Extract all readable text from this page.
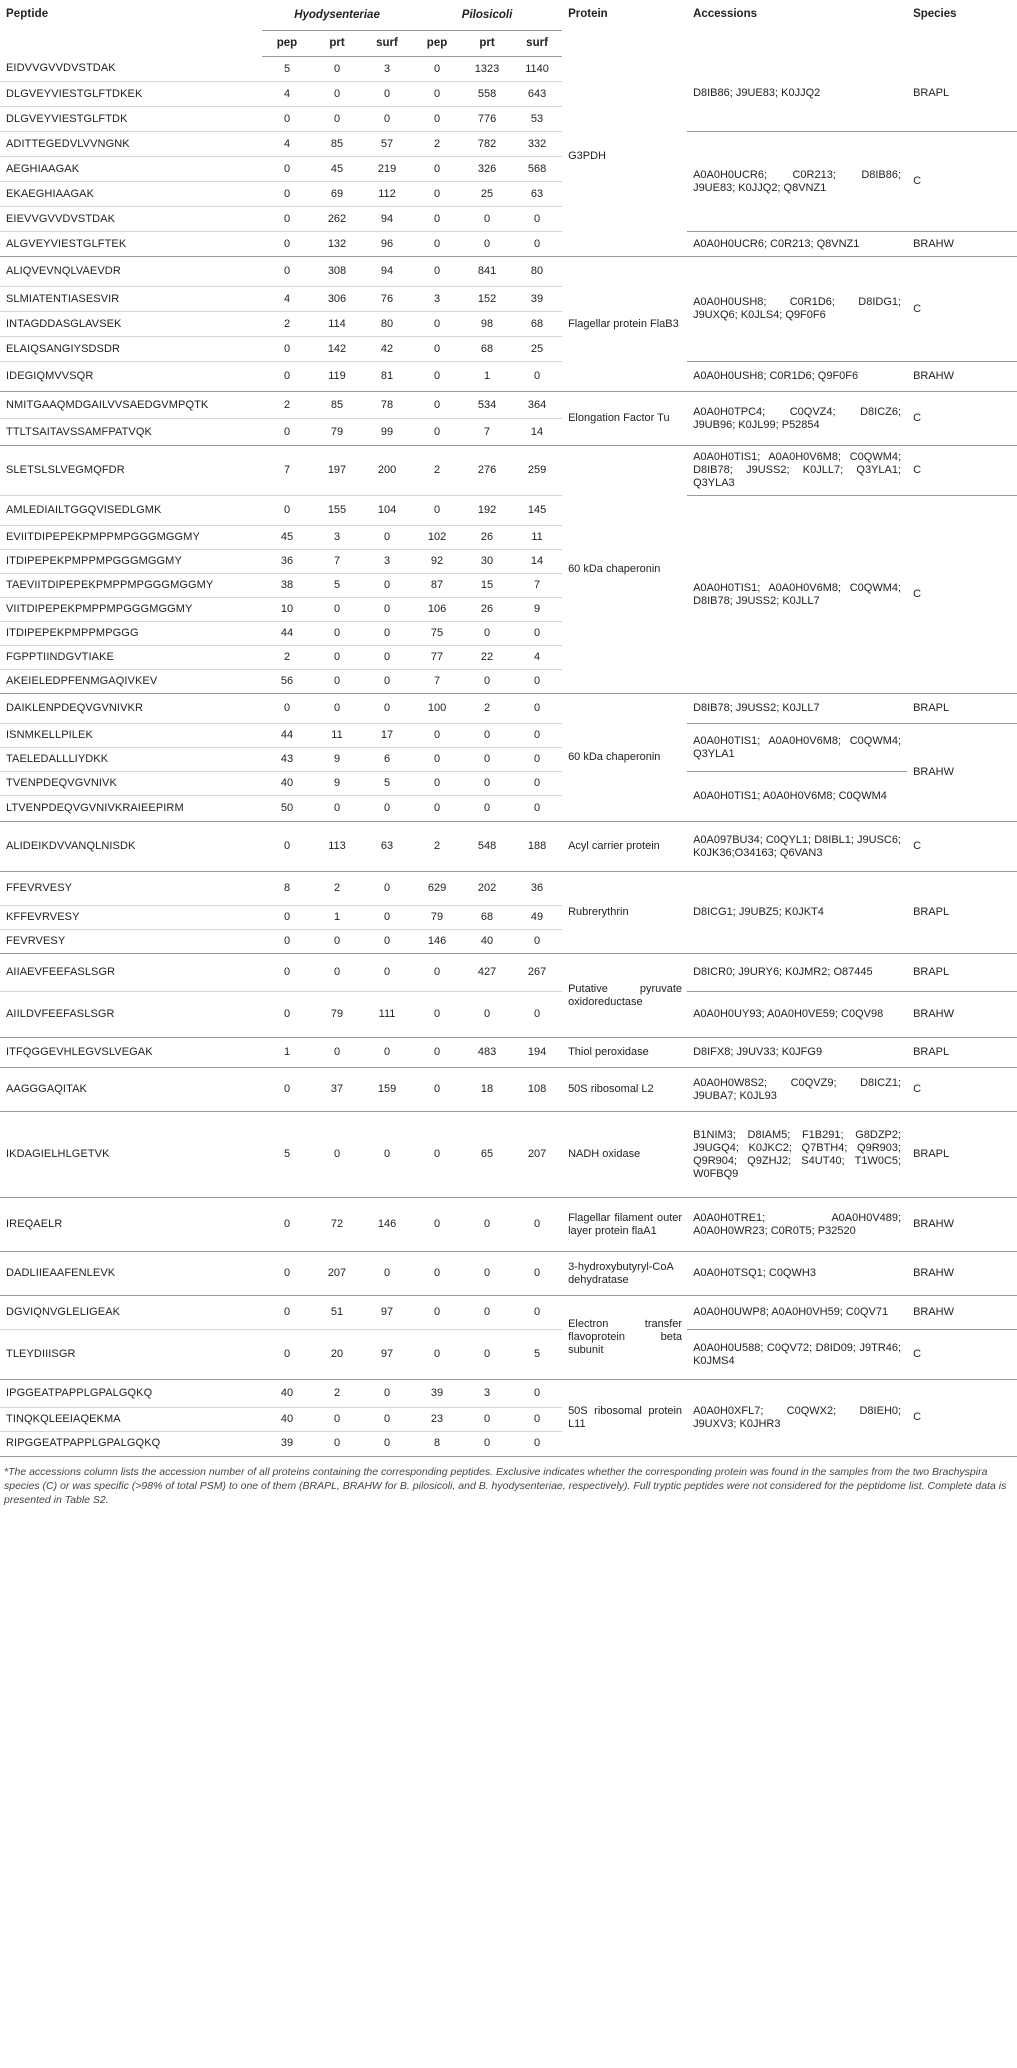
Peptide	Hyodysenteriae			Pilosicoli			Protein	Accessions	Species
	pep	prt	surf	pep	prt	surf			
EIDVVGVVDVSTDAK	5	0	3	0	1323	1140	G3PDH	D8IB86; J9UE83; K0JJQ2	BRAPL
DLGVEYVIESTGLFTDKEK	4	0	0	0	558	643			
DLGVEYVIESTGLFTDK	0	0	0	0	776	53			
ADITTEGEDVLVVNGNK	4	85	57	2	782	332		A0A0H0UCR6; C0R213; D8IB86; J9UE83; K0JJQ2; Q8VNZ1	C
AEGHIAAGAK	0	45	219	0	326	568			
EKAEGHIAAGAK	0	69	112	0	25	63			
EIEVVGVVDVSTDAK	0	262	94	0	0	0			
ALGVEYVIESTGLFTEK	0	132	96	0	0	0		A0A0H0UCR6; C0R213; Q8VNZ1	BRAHW
ALIQVEVNQLVAEVDR	0	308	94	0	841	80	Flagellar protein FlaB3	A0A0H0USH8; C0R1D6; D8IDG1; J9UXQ6; K0JLS4; Q9F0F6	C
SLMIATENTIASESVIR	4	306	76	3	152	39			
INTAGDDASGLAVSEK	2	114	80	0	98	68			
ELAIQSANGIYSDSDR	0	142	42	0	68	25			
IDEGIQMVVSQR	0	119	81	0	1	0		A0A0H0USH8; C0R1D6; Q9F0F6	BRAHW
NMITGAAQMDGAILVVSAEDGVMPQTK	2	85	78	0	534	364	Elongation Factor Tu	A0A0H0TPC4; C0QVZ4; D8ICZ6; J9UB96; K0JL99; P52854	C
TTLTSAITAVSSAMFPATVQK	0	79	99	0	7	14			
SLETSLSLVEGMQFDR	7	197	200	2	276	259	60 kDa chaperonin	A0A0H0TIS1; A0A0H0V6M8; C0QWM4; D8IB78; J9USS2; K0JLL7; Q3YLA1; Q3YLA3	C
AMLEDIAILTGGQVISEDLGMK	0	155	104	0	192	145		A0A0H0TIS1; A0A0H0V6M8; C0QWM4; D8IB78; J9USS2; K0JLL7	C
EVIITDIPEPEKPMPPMPGGGMGGMY	45	3	0	102	26	11			
ITDIPEPEKPMPPMPGGGMGGMY	36	7	3	92	30	14			
TAEVIITDIPEPEKPMPPMPGGGMGGMY	38	5	0	87	15	7			
VIITDIPEPEKPMPPMPGGGMGGMY	10	0	0	106	26	9			
ITDIPEPEKPMPPMPGGG	44	0	0	75	0	0			
FGPPTIINDGVTIAKE	2	0	0	77	22	4			
AKEIELEDPFENMGAQIVKEV	56	0	0	7	0	0			
DAIKLENPDEQVGVNIVKR	0	0	0	100	2	0	60 kDa chaperonin	D8IB78; J9USS2; K0JLL7	BRAPL
ISNMKELLPILEK	44	11	17	0	0	0		A0A0H0TIS1; A0A0H0V6M8; C0QWM4; Q3YLA1	BRAHW
TAELEDALLLIYDKK	43	9	6	0	0	0			
TVENPDEQVGVNIVK	40	9	5	0	0	0		A0A0H0TIS1; A0A0H0V6M8; C0QWM4	
LTVENPDEQVGVNIVKRAIEEPIRM	50	0	0	0	0	0			
ALIDEIKDVVANQLNISDK	0	113	63	2	548	188	Acyl carrier protein	A0A097BU34; C0QYL1; D8IBL1; J9USC6; K0JK36;O34163; Q6VAN3	C
FFEVRVESY	8	2	0	629	202	36	Rubrerythrin	D8ICG1; J9UBZ5; K0JKT4	BRAPL
KFFEVRVESY	0	1	0	79	68	49			
FEVRVESY	0	0	0	146	40	0			
AIIAEVFEEFASLSGR	0	0	0	0	427	267	Putative pyruvate oxidoreductase	D8ICR0; J9URY6; K0JMR2; O87445	BRAPL
AIILDVFEEFASLSGR	0	79	111	0	0	0		A0A0H0UY93; A0A0H0VE59; C0QV98	BRAHW
ITFQGGEVHLEGVSLVEGAK	1	0	0	0	483	194	Thiol peroxidase	D8IFX8; J9UV33; K0JFG9	BRAPL
AAGGGAQITAK	0	37	159	0	18	108	50S ribosomal L2	A0A0H0W8S2; C0QVZ9; D8ICZ1; J9UBA7; K0JL93	C
IKDAGIELHLGETVK	5	0	0	0	65	207	NADH oxidase	B1NIM3; D8IAM5; F1B291; G8DZP2; J9UGQ4; K0JKC2; Q7BTH4; Q9R903; Q9R904; Q9ZHJ2; S4UT40; T1W0C5; W0FBQ9	BRAPL
IREQAELR	0	72	146	0	0	0	Flagellar filament outer layer protein flaA1	A0A0H0TRE1; A0A0H0V489; A0A0H0WR23; C0R0T5; P32520	BRAHW
DADLIIEAAFENLEVK	0	207	0	0	0	0	3-hydroxybutyryl-CoA dehydratase	A0A0H0TSQ1; C0QWH3	BRAHW
DGVIQNVGLELIGEAK	0	51	97	0	0	0	Electron transfer flavoprotein beta subunit	A0A0H0UWP8; A0A0H0VH59; C0QV71	BRAHW
TLEYDIIISGR	0	20	97	0	0	5		A0A0H0U588; C0QV72; D8ID09; J9TR46; K0JMS4	C
IPGGEATPAPPLGPALGQKQ	40	2	0	39	3	0	50S ribosomal protein L11	A0A0H0XFL7; C0QWX2; D8IEH0; J9UXV3; K0JHR3	C
TINQKQLEEIAQEKMA	40	0	0	23	0	0			
RIPGGEATPAPPLGPALGQKQ	39	0	0	8	0	0			
*The accessions column lists the accession number of all proteins containing the corresponding peptides. Exclusive indicates whether the corresponding protein was found in the samples from the two Brachyspira species (C) or was specific (>98% of total PSM) to one of them (BRAPL, BRAHW for B. pilosicoli, and B. hyodysenteriae, respectively). Full tryptic peptides were not considered for the peptidome list. Complete data is presented in Table S2.
